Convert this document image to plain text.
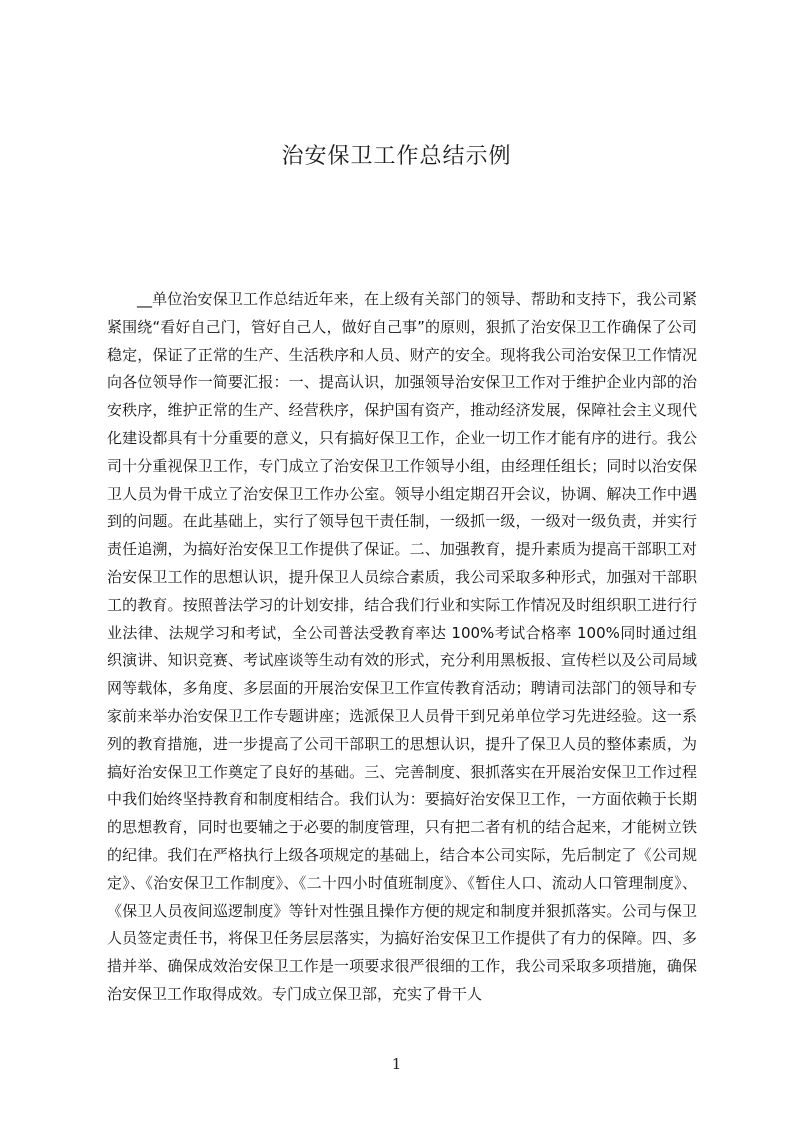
治安保卫工作总结示例

__单位治安保卫工作总结近年来，在上级有关部门的领导、帮助和支持下，我公司紧紧围绕“看好自己门，管好自己人，做好自己事”的原则，狠抓了治安保卫工作确保了公司稳定，保证了正常的生产、生活秩序和人员、财产的安全。现将我公司治安保卫工作情况向各位领导作一简要汇报：一、提高认识，加强领导治安保卫工作对于维护企业内部的治安秩序，维护正常的生产、经营秩序，保护国有资产，推动经济发展，保障社会主义现代化建设都具有十分重要的意义，只有搞好保卫工作，企业一切工作才能有序的进行。我公司十分重视保卫工作，专门成立了治安保卫工作领导小组，由经理任组长；同时以治安保卫人员为骨干成立了治安保卫工作办公室。领导小组定期召开会议，协调、解决工作中遇到的问题。在此基础上，实行了领导包干责任制，一级抓一级，一级对一级负责，并实行责任追溯，为搞好治安保卫工作提供了保证。二、加强教育，提升素质为提高干部职工对治安保卫工作的思想认识，提升保卫人员综合素质，我公司采取多种形式，加强对干部职工的教育。按照普法学习的计划安排，结合我们行业和实际工作情况及时组织职工进行行业法律、法规学习和考试，全公司普法受教育率达 100%考试合格率 100%同时通过组织演讲、知识竞赛、考试座谈等生动有效的形式，充分利用黑板报、宣传栏以及公司局域网等载体，多角度、多层面的开展治安保卫工作宣传教育活动；聘请司法部门的领导和专家前来举办治安保卫工作专题讲座；选派保卫人员骨干到兄弟单位学习先进经验。这一系列的教育措施，进一步提高了公司干部职工的思想认识，提升了保卫人员的整体素质，为搞好治安保卫工作奠定了良好的基础。三、完善制度、狠抓落实在开展治安保卫工作过程中我们始终坚持教育和制度相结合。我们认为：要搞好治安保卫工作，一方面依赖于长期的思想教育，同时也要辅之于必要的制度管理，只有把二者有机的结合起来，才能树立铁的纪律。我们在严格执行上级各项规定的基础上，结合本公司实际，先后制定了《公司规定》、《治安保卫工作制度》、《二十四小时值班制度》、《暂住人口、流动人口管理制度》、《保卫人员夜间巡逻制度》等针对性强且操作方便的规定和制度并狠抓落实。公司与保卫人员签定责任书，将保卫任务层层落实，为搞好治安保卫工作提供了有力的保障。四、多措并举、确保成效治安保卫工作是一项要求很严很细的工作，我公司采取多项措施，确保治安保卫工作取得成效。专门成立保卫部，充实了骨干人

1
